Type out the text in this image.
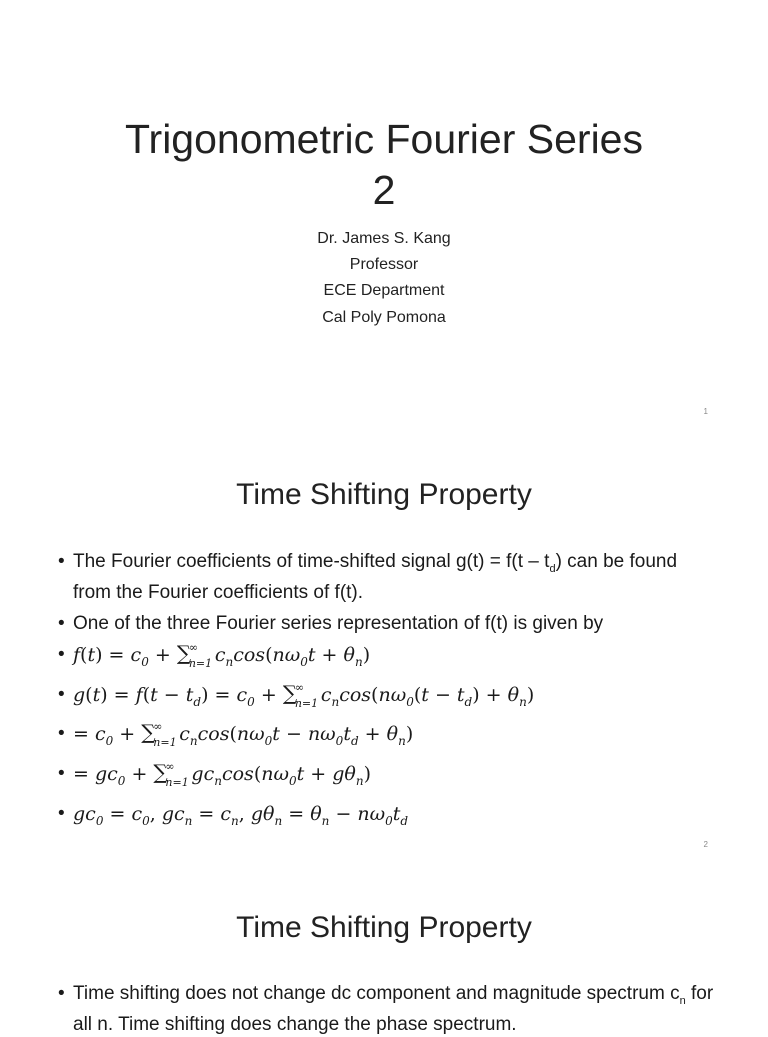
Trigonometric Fourier Series
2
Dr. James S. Kang
Professor
ECE Department
Cal Poly Pomona
1
Time Shifting Property
• The Fourier coefficients of time-shifted signal $g(t) = f(t - t_d)$ can be found from the Fourier coefficients of f(t).
• One of the three Fourier series representation of f(t) is given by
• $f(t) = c_0$ + ∑
∞
n=1 $c_n\cos(n\omega_0t + \theta_n)$
• $g(t) = f(t - t_d) = c_0$ + ∑
∞
n=1 $c_n\cos(n\omega_0(t - t_d) + \theta_n)$
• = $c_0$ + ∑
∞
n=1 $c_n\cos(n\omega_0t - n\omega_0t_d + \theta_n)$
• = $gc_0$ + ∑
∞
n=1 $gc_n\cos(n\omega_0t + g\theta_n)$
• $gc_0 = c_0$, $gc_n = c_n$, $g\theta_n = \theta_n - n\omega_0t_d$
2
Time Shifting Property
• Time shifting does not change dc component and magnitude spectrum $c_n$ for all n. Time shifting does change the phase spectrum.
